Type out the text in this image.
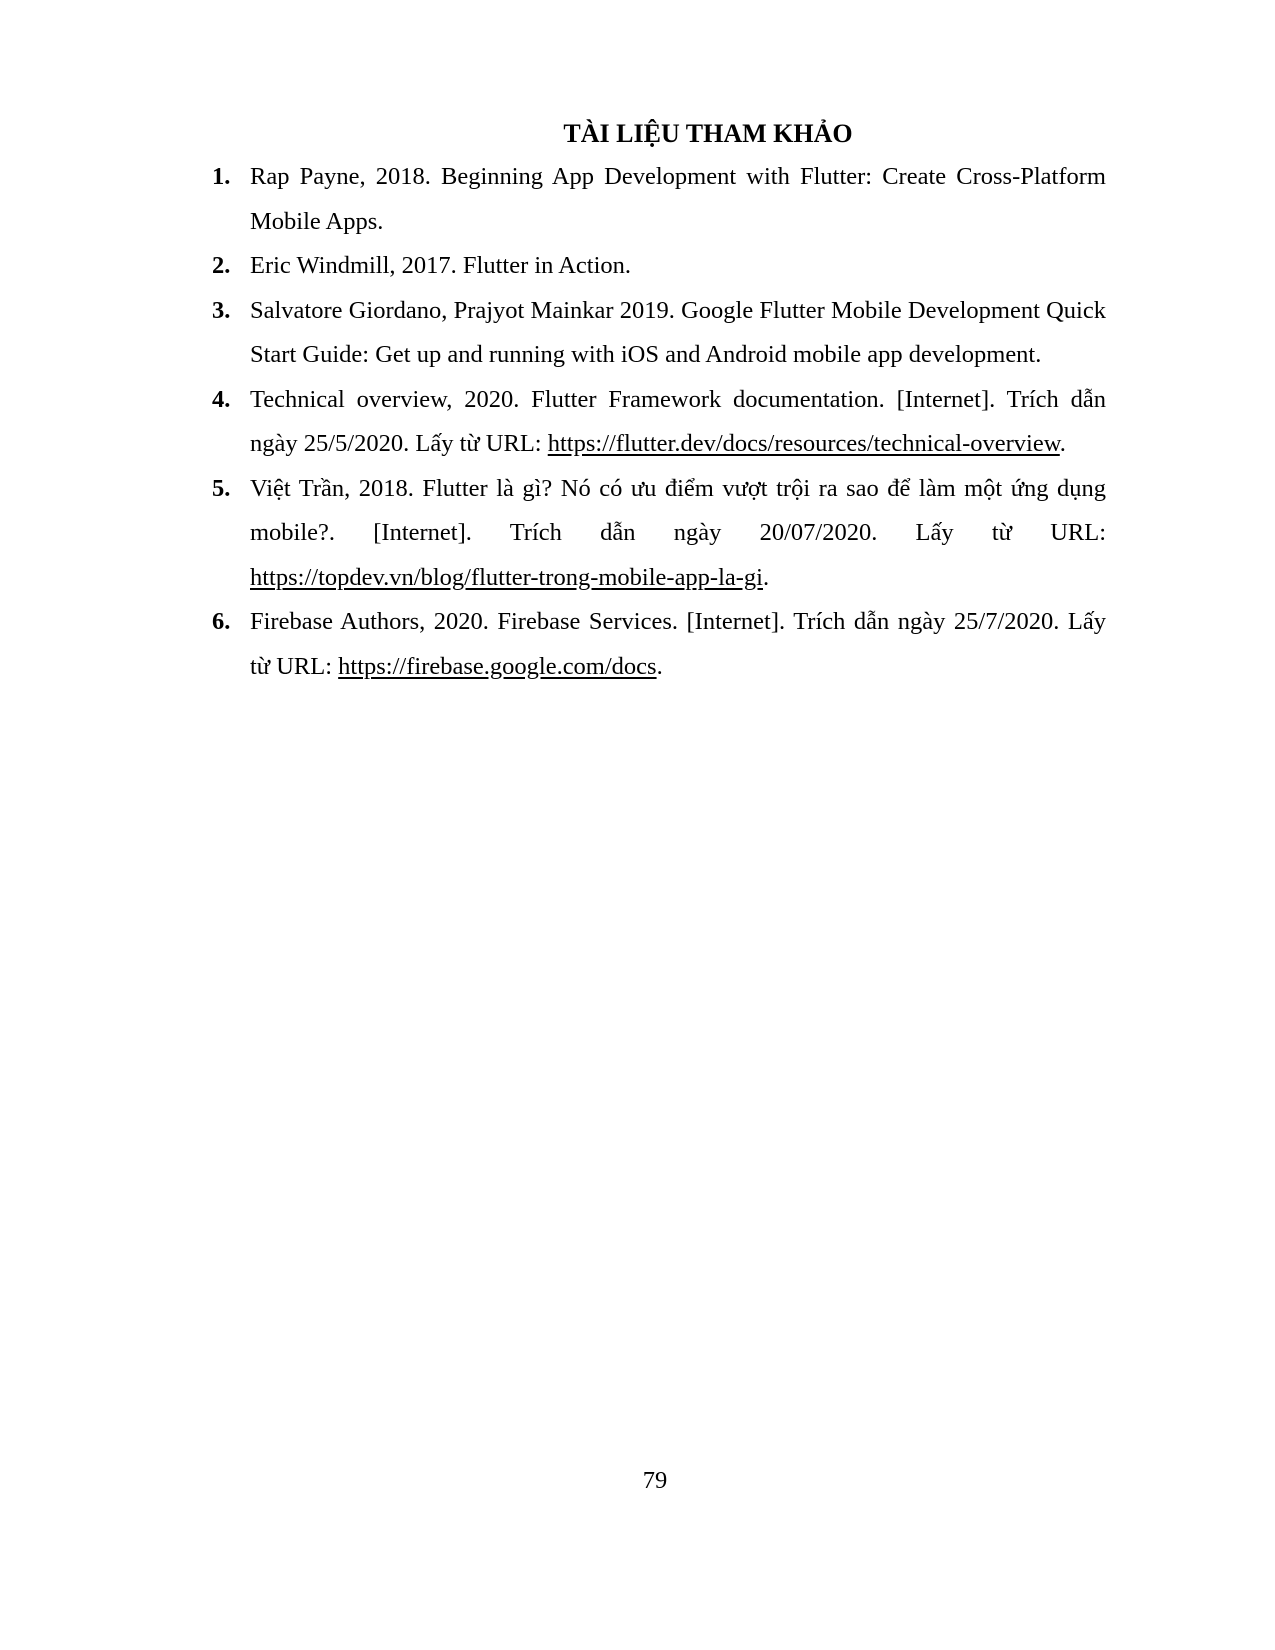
TÀI LIỆU THAM KHẢO
1. Rap Payne, 2018. Beginning App Development with Flutter: Create Cross-Platform Mobile Apps.
2. Eric Windmill, 2017. Flutter in Action.
3. Salvatore Giordano, Prajyot Mainkar 2019. Google Flutter Mobile Development Quick Start Guide: Get up and running with iOS and Android mobile app development.
4. Technical overview, 2020. Flutter Framework documentation. [Internet]. Trích dẫn ngày 25/5/2020. Lấy từ URL: https://flutter.dev/docs/resources/technical-overview.
5. Việt Trần, 2018. Flutter là gì? Nó có ưu điểm vượt trội ra sao để làm một ứng dụng mobile?. [Internet]. Trích dẫn ngày 20/07/2020. Lấy từ URL: https://topdev.vn/blog/flutter-trong-mobile-app-la-gi.
6. Firebase Authors, 2020. Firebase Services. [Internet]. Trích dẫn ngày 25/7/2020. Lấy từ URL: https://firebase.google.com/docs.
79
